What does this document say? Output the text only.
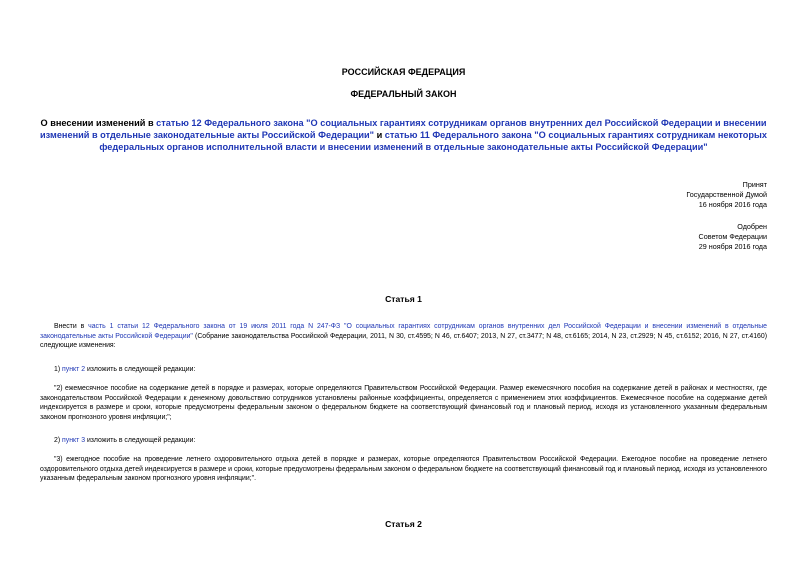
РОССИЙСКАЯ ФЕДЕРАЦИЯ
ФЕДЕРАЛЬНЫЙ ЗАКОН
О внесении изменений в статью 12 Федерального закона "О социальных гарантиях сотрудникам органов внутренних дел Российской Федерации и внесении изменений в отдельные законодательные акты Российской Федерации" и статью 11 Федерального закона "О социальных гарантиях сотрудникам некоторых федеральных органов исполнительной власти и внесении изменений в отдельные законодательные акты Российской Федерации"
Принят
Государственной Думой
16 ноября 2016 года
Одобрен
Советом Федерации
29 ноября 2016 года
Статья 1
Внести в часть 1 статьи 12 Федерального закона от 19 июля 2011 года N 247-ФЗ "О социальных гарантиях сотрудникам органов внутренних дел Российской Федерации и внесении изменений в отдельные законодательные акты Российской Федерации" (Собрание законодательства Российской Федерации, 2011, N 30, ст.4595; N 46, ст.6407; 2013, N 27, ст.3477; N 48, ст.6165; 2014, N 23, ст.2929; N 45, ст.6152; 2016, N 27, ст.4160) следующие изменения:
1) пункт 2 изложить в следующей редакции:
"2) ежемесячное пособие на содержание детей в порядке и размерах, которые определяются Правительством Российской Федерации. Размер ежемесячного пособия на содержание детей в районах и местностях, где законодательством Российской Федерации к денежному довольствию сотрудников установлены районные коэффициенты, определяется с применением этих коэффициентов. Ежемесячное пособие на содержание детей индексируется в размере и сроки, которые предусмотрены федеральным законом о федеральном бюджете на соответствующий финансовый год и плановый период, исходя из установленного указанным федеральным законом прогнозного уровня инфляции;";
2) пункт 3 изложить в следующей редакции:
"3) ежегодное пособие на проведение летнего оздоровительного отдыха детей в порядке и размерах, которые определяются Правительством Российской Федерации. Ежегодное пособие на проведение летнего оздоровительного отдыха детей индексируется в размере и сроки, которые предусмотрены федеральным законом о федеральном бюджете на соответствующий финансовый год и плановый период, исходя из установленного указанным федеральным законом прогнозного уровня инфляции;".
Статья 2
